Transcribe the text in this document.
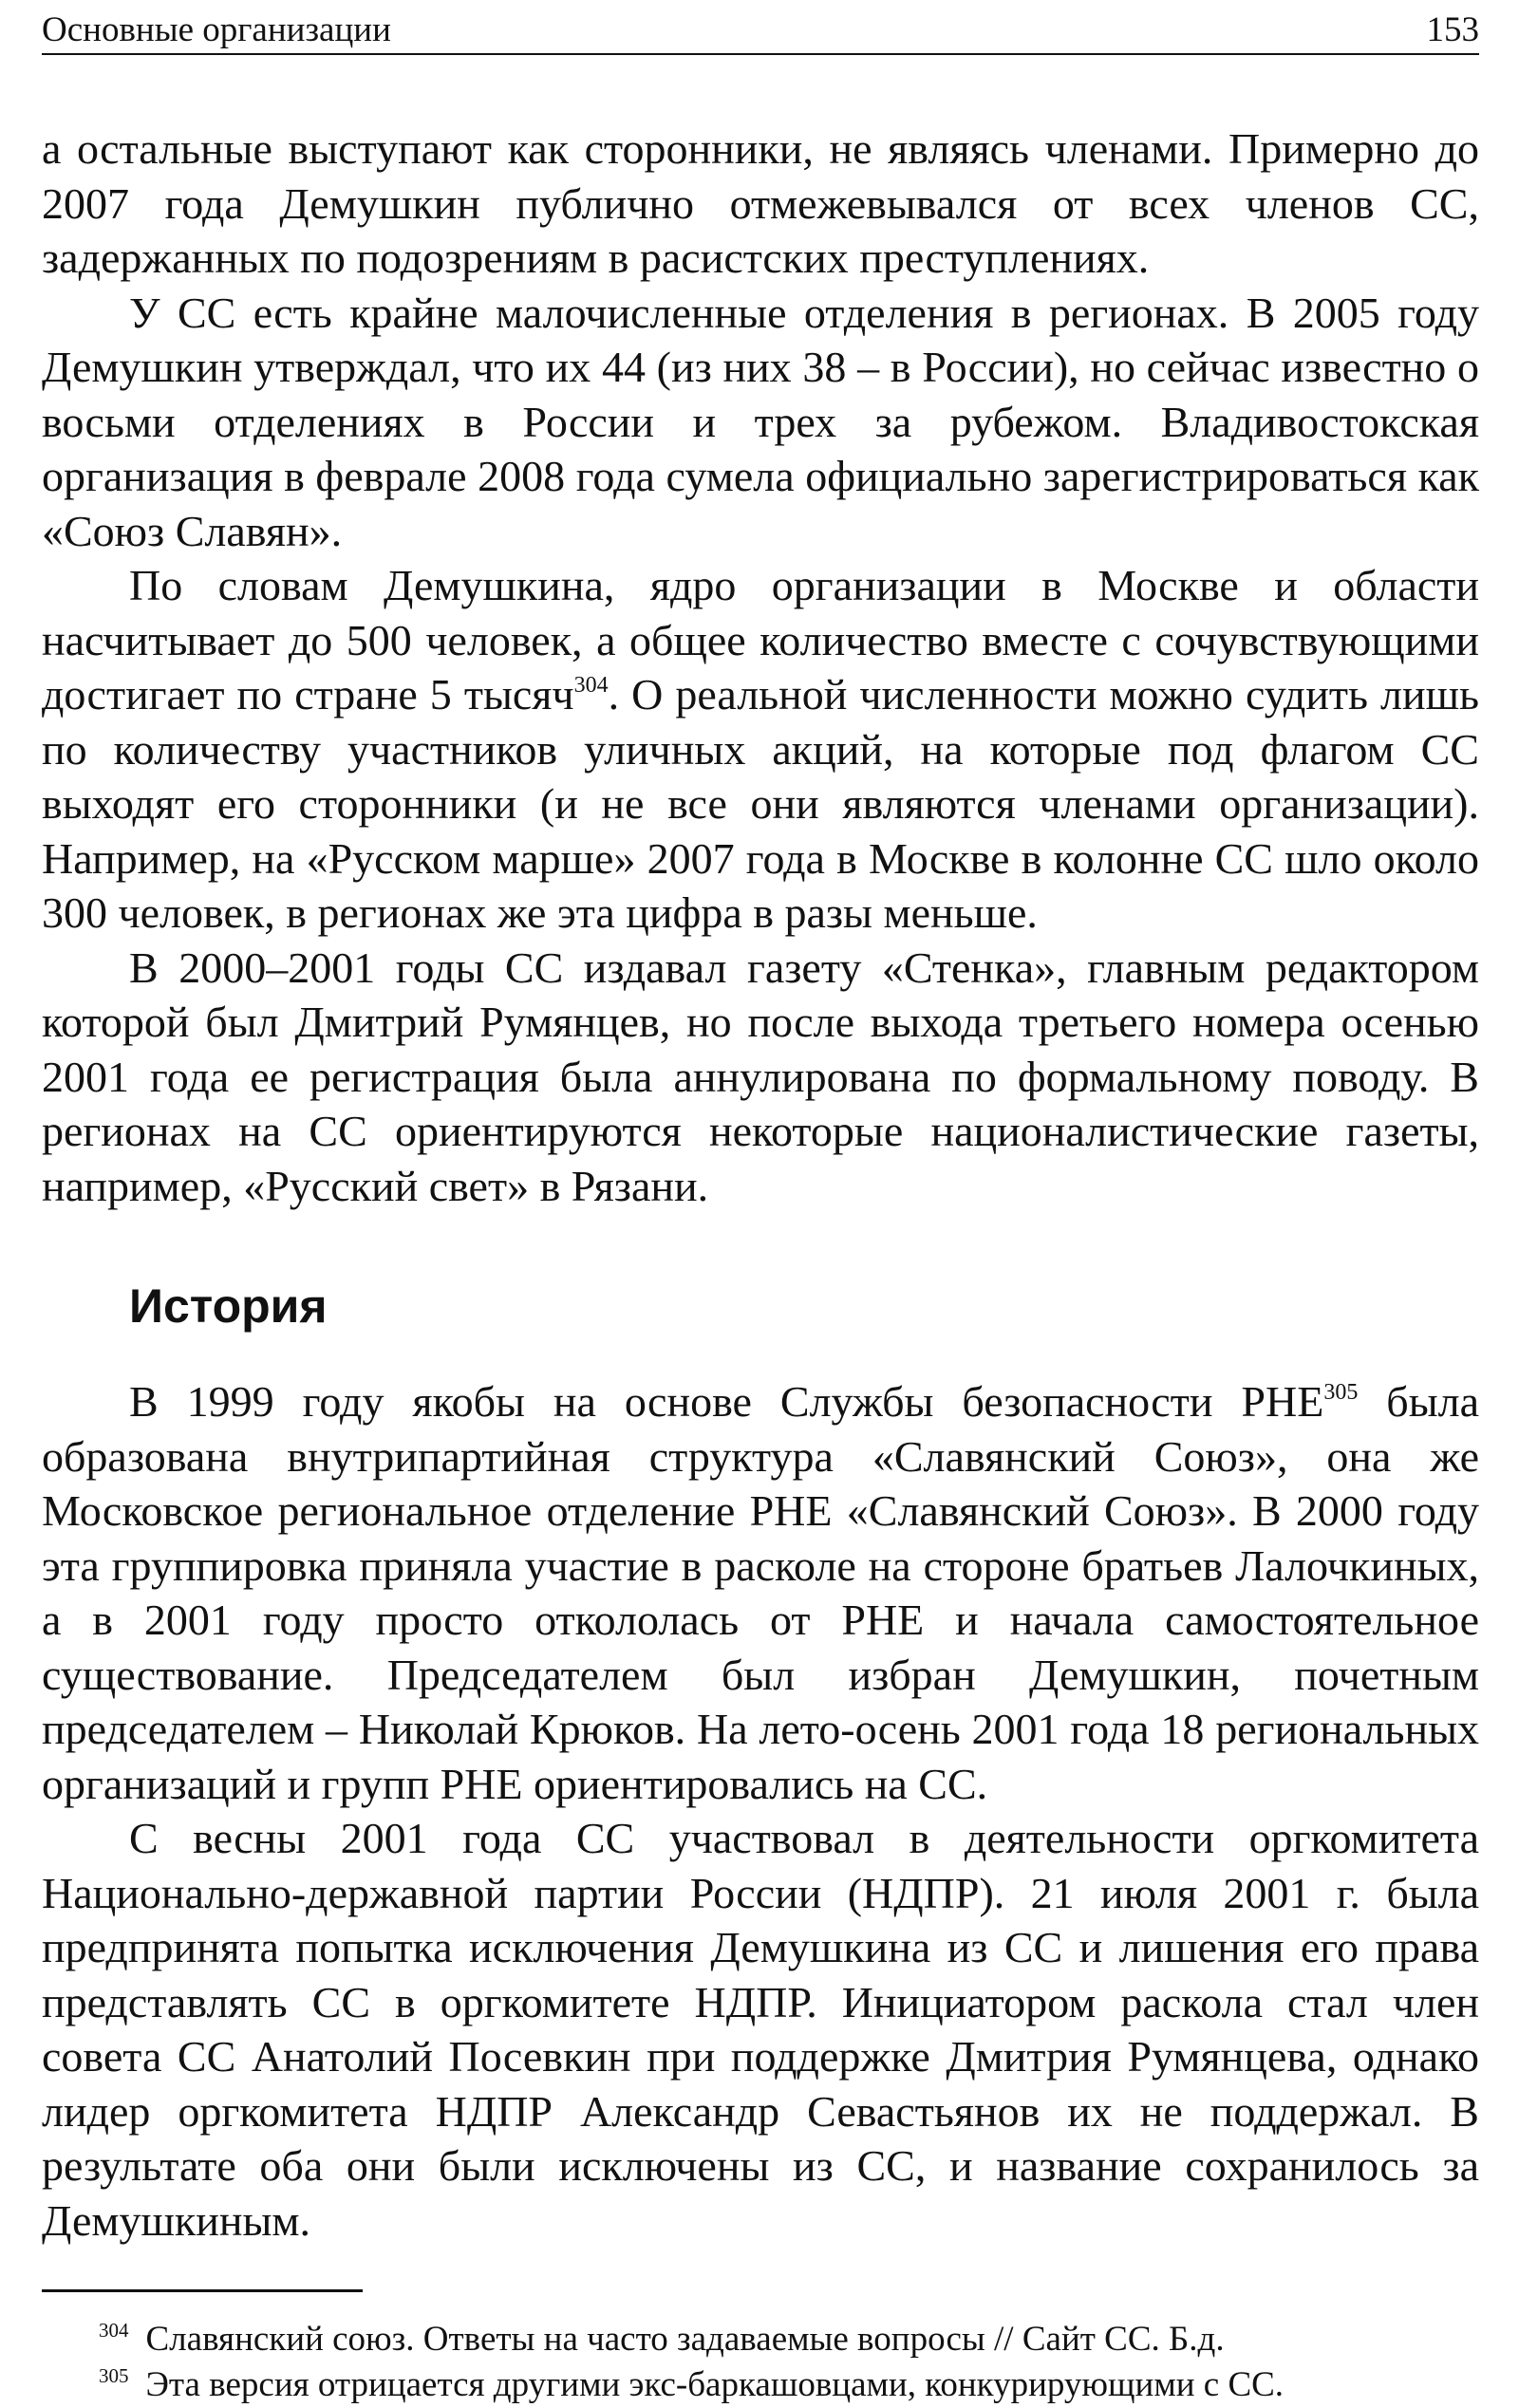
Основные организации	153

а остальные выступают как сторонники, не являясь членами. Примерно до 2007 года Демушкин публично отмежевывался от всех членов СС, задержанных по подозрениям в расистских преступлениях.

У СС есть крайне малочисленные отделения в регионах. В 2005 году Демушкин утверждал, что их 44 (из них 38 – в России), но сейчас известно о восьми отделениях в России и трех за рубежом. Владивостокская организация в феврале 2008 года сумела официально зарегистрироваться как «Союз Славян».

По словам Демушкина, ядро организации в Москве и области насчитывает до 500 человек, а общее количество вместе с сочувствующими достигает по стране 5 тысяч$^{304}$. О реальной численности можно судить лишь по количеству участников уличных акций, на которые под флагом СС выходят его сторонники (и не все они являются членами организации). Например, на «Русском марше» 2007 года в Москве в колонне СС шло около 300 человек, в регионах же эта цифра в разы меньше.

В 2000–2001 годы СС издавал газету «Стенка», главным редактором которой был Дмитрий Румянцев, но после выхода третьего номера осенью 2001 года ее регистрация была аннулирована по формальному поводу. В регионах на СС ориентируются некоторые националистические газеты, например, «Русский свет» в Рязани.

История

В 1999 году якобы на основе Службы безопасности РНЕ$^{305}$ была образована внутрипартийная структура «Славянский Союз», она же Московское региональное отделение РНЕ «Славянский Союз». В 2000 году эта группировка приняла участие в расколе на стороне братьев Лалочкиных, а в 2001 году просто откололась от РНЕ и начала самостоятельное существование. Председателем был избран Демушкин, почетным председателем – Николай Крюков. На лето-осень 2001 года 18 региональных организаций и групп РНЕ ориентировались на СС.

С весны 2001 года СС участвовал в деятельности оргкомитета Национально-державной партии России (НДПР). 21 июля 2001 г. была предпринята попытка исключения Демушкина из СС и лишения его права представлять СС в оргкомитете НДПР. Инициатором раскола стал член совета СС Анатолий Посевкин при поддержке Дмитрия Румянцева, однако лидер оргкомитета НДПР Александр Севастьянов их не поддержал. В результате оба они были исключены из СС, и название сохранилось за Демушкиным.

$^{304}$ Славянский союз. Ответы на часто задаваемые вопросы // Сайт СС. Б.д.
$^{305}$ Эта версия отрицается другими экс-баркашовцами, конкурирующими с СС.
